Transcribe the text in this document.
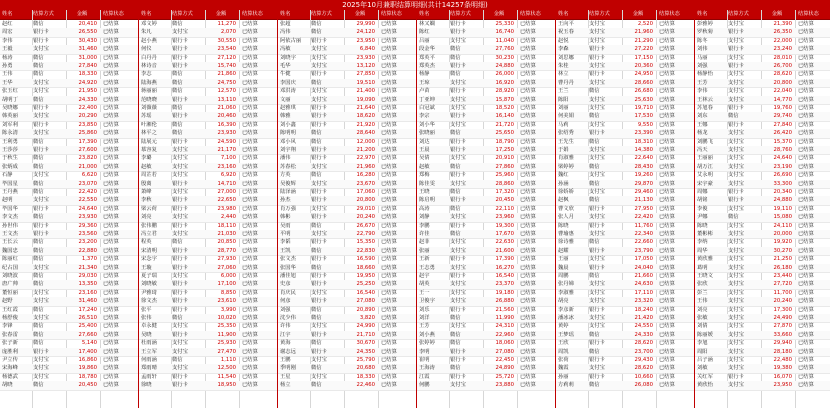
2025年10月兼职结算明细(共计14257条明细)
姓名	结算方式	金额	结算状态
赵红	微信	20,410 已结算
周宏	银行卡	26,550 已结算
李伟	银行卡	30,430 已结算
王毅	支付宝	31,460 已结算
杨涛	微信	31,000 已结算
孙勇	微信	27,840 已结算
王伟	微信	18,330 已结算
王华	支付宝	24,920 已结算
张玉红	支付宝	21,950 已结算
胡明丁	微信	24,330 已结算
吴晓娜	银行卡	22,400 已结算
韩英丽	支付宝	20,290 已结算
刘军利	银行卡	23,850 已结算
陈永清	支付宝	25,860 已结算
王利勇	微信	17,390 已结算
王莎莎	银行卡	27,600 已结算
于秋生	微信	23,820 已结算
张炳成	微信	21,000 已结算
石静	支付宝	6,620 已结算
毕国星	微信	23,070 已结算
王丹燕	微信	22,420 已结算
赵明	支付宝	22,550 已结算
毕国华	银行卡	24,640 已结算
李文杰	微信	23,930 已结算
孙世伟	银行卡	29,360 已结算
王文杰	银行卡	23,560 已结算
王长云	微信	23,200 已结算
魏国忠	微信	22,880 已结算
陈丽红	微信	1,370 已结算
纪占国	支付宝	21,340 已结算
刘晓波	微信	29,030 已结算
唐广帅	微信	13,350 已结算
董恒丽	支付宝	23,160 已结算
赵野	支付宝	31,460 已结算
王红霞	微信	17,240 已结算
杨舒俊	支付宝	26,510 已结算
李锋	微信	25,400 已结算
张春雷	微信	27,660 已结算
张子新	微信	5,140 已结算
庞胜利	银行卡	17,400 已结算
尹立传	支付宝	16,860 已结算
宋海峰	支付宝	19,860 已结算
杨德武	支付宝	18,780 已结算
胡晓	微信	20,450 已结算
姓名	结算方式	金额	结算状态
邓文婷	微信	11,270 已结算
朱凡	支付宝	2,070 已结算
赵小燕	银行卡	30,550 已结算
何仪	银行卡	23,540 已结算
白丹丹	银行卡	27,120 已结算
林诗音	银行卡	15,740 已结算
李志	微信	21,860 已结算
陆海燕	微信	24,750 已结算
蒋丽丽	微信	12,570 已结算
范晓晓	银行卡	13,110 已结算
刘薇薇	微信	21,060 已结算
苏瑶	银行卡	20,460 已结算
叶湘伦	微信	16,390 已结算
林平之	微信	23,930 已结算
陆展元	银行卡	24,590 已结算
慕容复	支付宝	21,170 已结算
李璐	支付宝	7,100 已结算
赵敏	支付宝	23,160 已结算
周芷若	支付宝	6,920 已结算
殷离	银行卡	14,710 已结算
萧峰	支付宝	27,000 已结算
李秋	银行卡	22,650 已结算
梁云荷	银行卡	23,980 已结算
刘亮	支付宝	2,440 已结算
张伟鹏	银行卡	18,110 已结算
冯立君	支付宝	21,030 已结算
程英	微信	20,850 已结算
宋清明	银行卡	28,770 已结算
宋念宇	银行卡	27,930 已结算
王璇	银行卡	27,060 已结算
夏子瑞	支付宝	6,000 已结算
刘晓敏	银行卡	17,100 已结算
尹雅琦	银行卡	8,850 已结算
徐文杰	银行卡	23,610 已结算
张平	银行卡	3,990 已结算
张伟	微信	10,020 已结算
卓永健	支付宝	25,350 已结算
吴晓	银行卡	11,900 已结算
杜雨涵	支付宝	25,930 已结算
王立军	支付宝	27,470 已结算
何雨涵	微信	1,110 已结算
郑雨晴	支付宝	12,500 已结算
孟雨轩	银行卡	11,540 已结算
徐晓	银行卡	18,950 已结算
姓名	结算方式	金额	结算状态
张超	微信	29,990 已结算
冯伟	微信	24,120 已结算
阿依古丽	银行卡	23,950 已结算
冯敏	支付宝	6,840 已结算
刘晓宇	支付宝	23,930 已结算
毛华	支付宝	13,120 已结算
牛健	银行卡	27,850 已结算
李国庆	微信	19,510 已结算
邓洪涛	支付宝	21,400 已结算
文丽	支付宝	19,090 已结算
赵雅琪	银行卡	21,640 已结算
韩雅	银行卡	18,620 已结算
刘小鑫	银行卡	21,920 已结算
陈明明	微信	28,640 已结算
邓小风	微信	12,000 已结算
刘宇翔	银行卡	21,200 已结算
潘伟	银行卡	22,970 已结算
苏春松	支付宝	21,960 已结算
方英	微信	16,280 已结算
吴俊辉	支付宝	23,670 已结算
陆泽涵	银行卡	17,060 已结算
孙杰	银行卡	20,800 已结算
肖万强	支付宝	29,010 已结算
韩彬	银行卡	20,240 已结算
吴雨	微信	26,670 已结算
平明	支付宝	22,790 已结算
李韬	银行卡	15,350 已结算
王凯	微信	22,830 已结算
张文杰	银行卡	16,590 已结算
张国华	微信	18,660 已结算
潘佳旭	银行卡	19,950 已结算
史彦	银行卡	25,250 已结算
肖庆民	支付宝	16,540 已结算
何彦	银行卡	27,080 已结算
刘强	微信	20,890 已结算
沈少伟	微信	3,820 已结算
许伟	支付宝	24,990 已结算
江宇	银行卡	21,710 已结算
黄海	微信	30,670 已结算
谢志远	银行卡	24,350 已结算
王鹏	支付宝	25,790 已结算
季明刚	微信	20,680 已结算
王星	支付宝	18,330 已结算
杨立	微信	22,460 已结算
姓名	结算方式	金额	结算状态
林又嫻	银行卡	25,330 已结算
陈红	银行卡	16,740 已结算
吕丽	支付宝	11,040 已结算
段金华	微信	27,760 已结算
郑英平	微信	30,230 已结算
郑英杰	银行卡	24,880 已结算
杨静	微信	26,000 已结算
王琼	支付宝	16,920 已结算
卢苗	银行卡	28,920 已结算
丁亚坤	支付宝	15,870 已结算
白冠斌	支付宝	18,520 已结算
李宗	银行卡	16,140 已结算
刘小华	支付宝	21,720 已结算
张晓丽	微信	25,650 已结算
刘达	银行卡	18,790 已结算
王晨	银行卡	17,250 已结算
吴倩	支付宝	20,910 已结算
赵敏	微信	27,860 已结算
郑梅	银行卡	25,960 已结算
陈佳雯	支付宝	28,860 已结算
王晓	微信	17,320 已结算
陈启明	银行卡	20,450 已结算
高涛	微信	22,110 已结算
刘静	支付宝	23,960 已结算
李鹏	银行卡	19,300 已结算
许佳	微信	17,670 已结算
赵菲	支付宝	22,630 已结算
张丽	支付宝	21,600 已结算
王新	银行卡	17,390 已结算
王志勇	支付宝	16,270 已结算
赵宇	银行卡	16,540 已结算
胡英	支付宝	23,370 已结算
王一	支付宝	19,180 已结算
卫俊宇	支付宝	26,880 已结算
刘乐	银行卡	21,560 已结算
刘洋	微信	11,990 已结算
王芳	支付宝	24,310 已结算
刘小燕	微信	22,960 已结算
张婷婷	微信	18,060 已结算
李明	银行卡	27,080 已结算
崔明	银行卡	22,450 已结算
王海涛	微信	24,890 已结算
江霞	银行卡	25,720 已结算
何鹏	支付宝	23,880 已结算
姓名	结算方式	金额	结算状态
王向平	支付宝	2,520 已结算
祝玉春	支付宝	21,960 已结算
赵悦	支付宝	21,290 已结算
李森	银行卡	27,220 已结算
刘思娜	银行卡	17,150 已结算
朱桂	支付宝	20,360 已结算
林立	银行卡	24,950 已结算
曹丹丹	支付宝	28,660 已结算
王兰	微信	26,680 已结算
陈阳	支付宝	25,630 已结算
刘丽	支付宝	19,710 已结算
何美娟	微信	17,530 已结算
马莉	支付宝	9,550 已结算
张绍秀	银行卡	23,390 已结算
王先生	微信	18,310 已结算
于娟	支付宝	14,380 已结算
肖淑雅	支付宝	22,640 已结算
梁婷婷	微信	28,430 已结算
魏红	支付宝	19,260 已结算
孙涵	微信	29,870 已结算
徐娇娇	支付宝	29,460 已结算
赵枫	微信	21,130 已结算
曹文欣	银行卡	27,950 已结算
张人月	支付宝	22,420 已结算
陈晓	银行卡	11,760 已结算
曹瑜惠	支付宝	22,340 已结算
徐诗雅	微信	22,660 已结算
赵耀	银行卡	23,790 已结算
王丽	支付宝	17,050 已结算
魏晨	银行卡	24,040 已结算
周鹏	微信	21,660 已结算
张丹娣	支付宝	24,630 已结算
李淑雅	支付宝	17,110 已结算
胡亮	支付宝	23,320 已结算
李彦新	银行卡	18,240 已结算
潘冰冰	支付宝	21,420 已结算
黄婷	支付宝	24,550 已结算
王梦瑶	微信	24,330 已结算
王欣	银行卡	28,620 已结算
周凯	微信	23,700 已结算
张荷	银行卡	29,430 已结算
魏霞	支付宝	28,620 已结算
孙丽	银行卡	10,660 已结算
方莉莉	微信	26,080 已结算
姓名	结算方式	金额	结算状态
彭雅婷	支付宝	21,390 已结算
罗秋菊	银行卡	26,350 已结算
陈冬	支付宝	22,000 已结算
刘伟	银行卡	23,240 已结算
马丽	支付宝	28,010 已结算
刘强	银行卡	26,700 已结算
杨静怡	支付宝	28,620 已结算
王芳	支付宝	20,800 已结算
李伟	支付宝	22,040 已结算
王林云	支付宝	14,770 已结算
苏旭春	银行卡	19,760 已结算
刘东	微信	29,740 已结算
王娜	银行卡	27,840 已结算
杨龙	支付宝	26,420 已结算
刘鹏飞	支付宝	15,370 已结算
冯天	支付宝	28,760 已结算
王丽丽	支付宝	24,640 已结算
胡万江	支付宝	23,190 已结算
艾永明	支付宝	26,690 已结算
宋宇豪	支付宝	33,300 已结算
周娜	银行卡	20,340 已结算
胡铭	银行卡	24,880 已结算
李俊	支付宝	19,110 已结算
尹娜	微信	15,080 已结算
陈晓	支付宝	24,110 已结算
董彬彬	支付宝	20,000 已结算
李纳	支付宝	19,920 已结算
周华	支付宝	30,270 已结算
黄欣雅	支付宝	21,250 已结算
葛明	支付宝	26,180 已结算
王晓文	支付宝	23,440 已结算
张欣	支付宝	27,720 已结算
彭兰	支付宝	11,700 已结算
王伟	支付宝	20,240 已结算
刘亮	支付宝	17,300 已结算
张敏	支付宝	24,490 已结算
刘倩	支付宝	27,870 已结算
陈丽媛	支付宝	33,660 已结算
李旭	支付宝	29,940 已结算
周阳	支付宝	28,180 已结算
吕子涵	支付宝	22,480 已结算
刘敏	支付宝	19,380 已结算
关红军	银行卡	16,070 已结算
黄欣怡	支付宝	23,950 已结算
